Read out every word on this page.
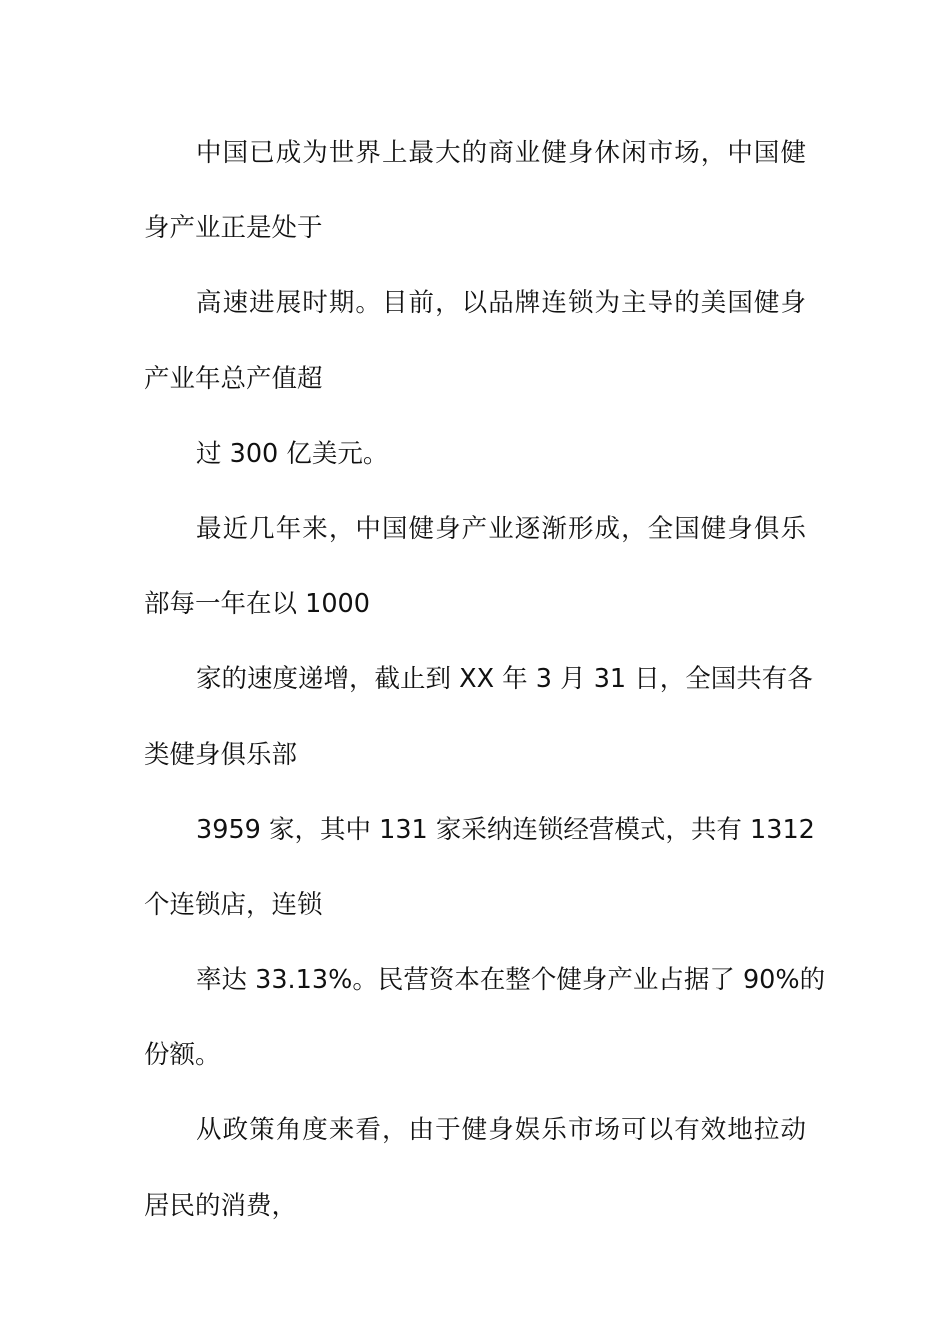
中国已成为世界上最大的商业健身休闲市场，中国健
身产业正是处于
高速进展时期。目前，以品牌连锁为主导的美国健身
产业年总产值超
过 300 亿美元。
最近几年来，中国健身产业逐渐形成，全国健身俱乐
部每一年在以 1000
家的速度递增，截止到 XX 年 3 月 31 日，全国共有各
类健身俱乐部
3959 家，其中 131 家采纳连锁经营模式，共有 1312
个连锁店，连锁
率达 33.13%。民营资本在整个健身产业占据了 90%的
份额。
从政策角度来看，由于健身娱乐市场可以有效地拉动
居民的消费，
